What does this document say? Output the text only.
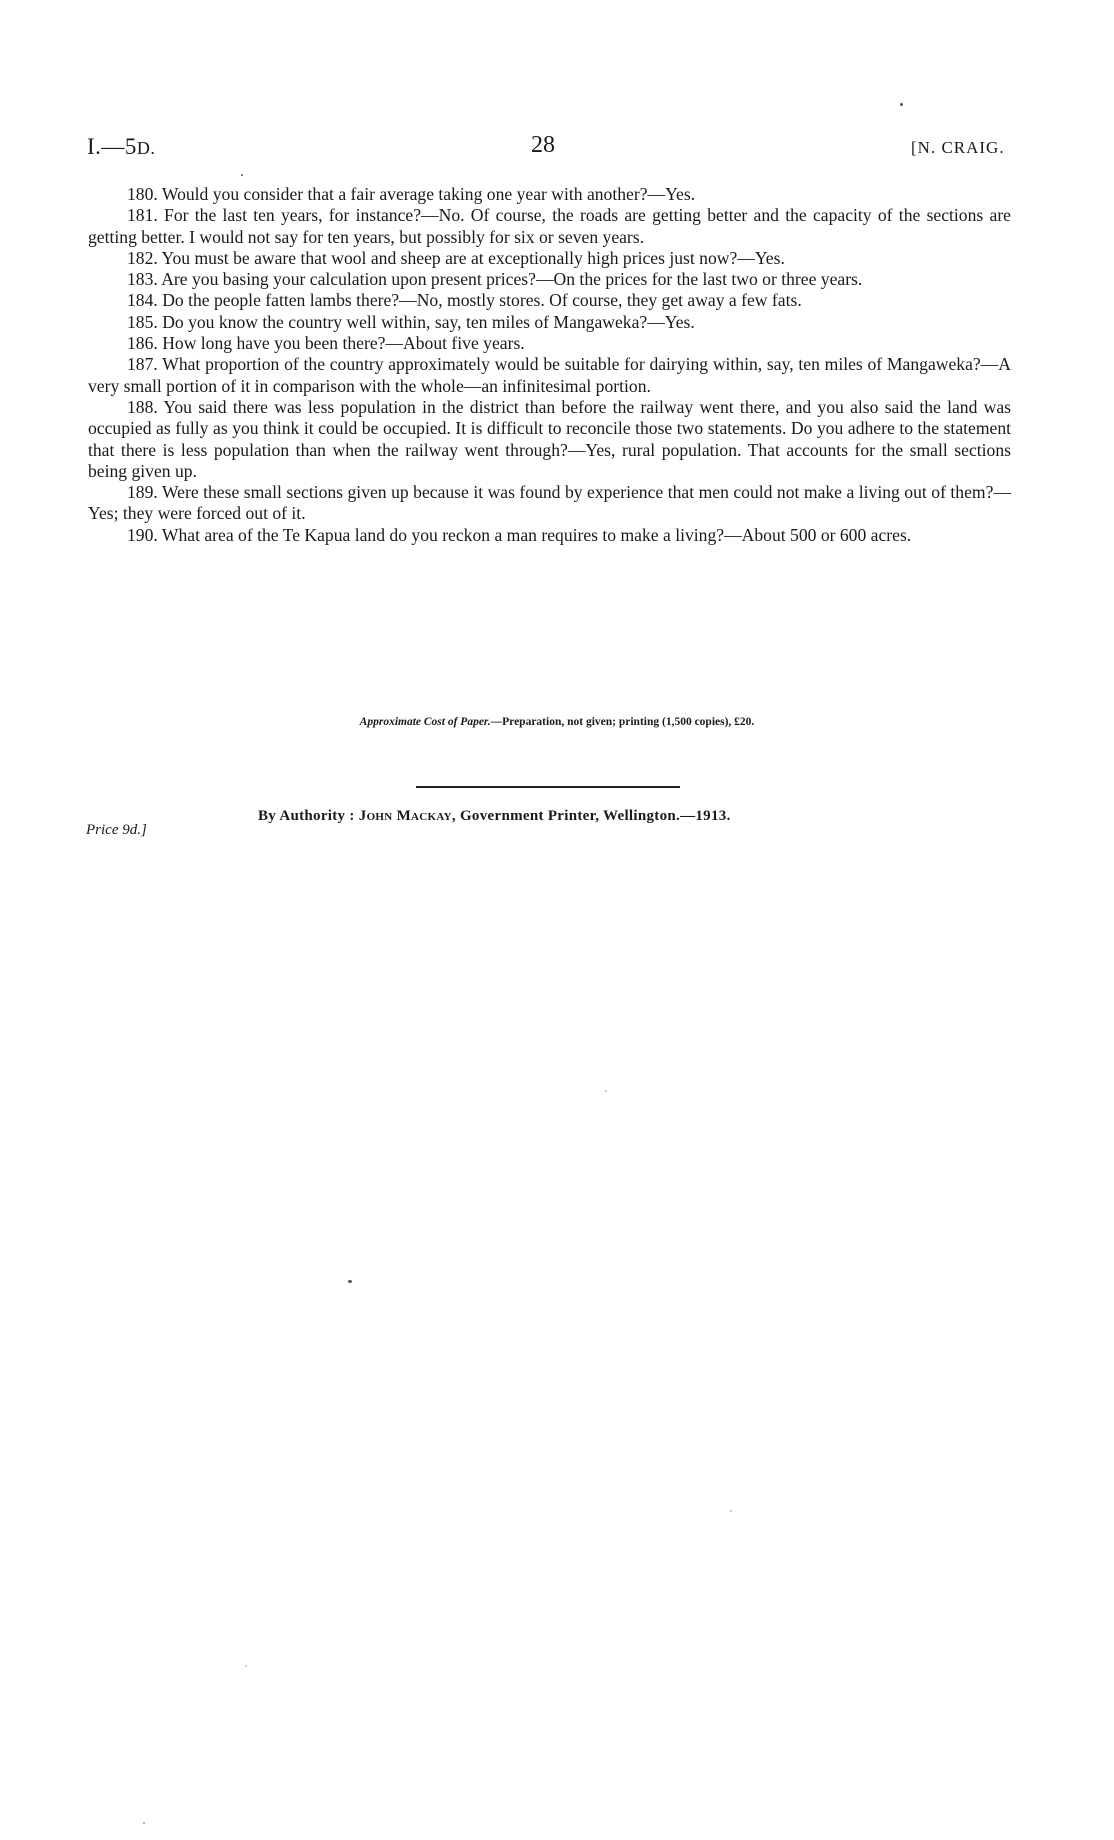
I.—5D.	28	[N. CRAIG.

180. Would you consider that a fair average taking one year with another?—Yes.

181. For the last ten years, for instance?—No. Of course, the roads are getting better and the capacity of the sections are getting better. I would not say for ten years, but possibly for six or seven years.

182. You must be aware that wool and sheep are at exceptionally high prices just now?—Yes.

183. Are you basing your calculation upon present prices?—On the prices for the last two or three years.

184. Do the people fatten lambs there?—No, mostly stores. Of course, they get away a few fats.

185. Do you know the country well within, say, ten miles of Mangaweka?—Yes.

186. How long have you been there?—About five years.

187. What proportion of the country approximately would be suitable for dairying within, say, ten miles of Mangaweka?—A very small portion of it in comparison with the whole—an infinitesimal portion.

188. You said there was less population in the district than before the railway went there, and you also said the land was occupied as fully as you think it could be occupied. It is difficult to reconcile those two statements. Do you adhere to the statement that there is less population than when the railway went through?—Yes, rural population. That accounts for the small sections being given up.

189. Were these small sections given up because it was found by experience that men could not make a living out of them?—Yes; they were forced out of it.

190. What area of the Te Kapua land do you reckon a man requires to make a living?—About 500 or 600 acres.

Approximate Cost of Paper.—Preparation, not given; printing (1,500 copies), £20.
By Authority : John Mackay, Government Printer, Wellington.—1913.
Price 9d.]
